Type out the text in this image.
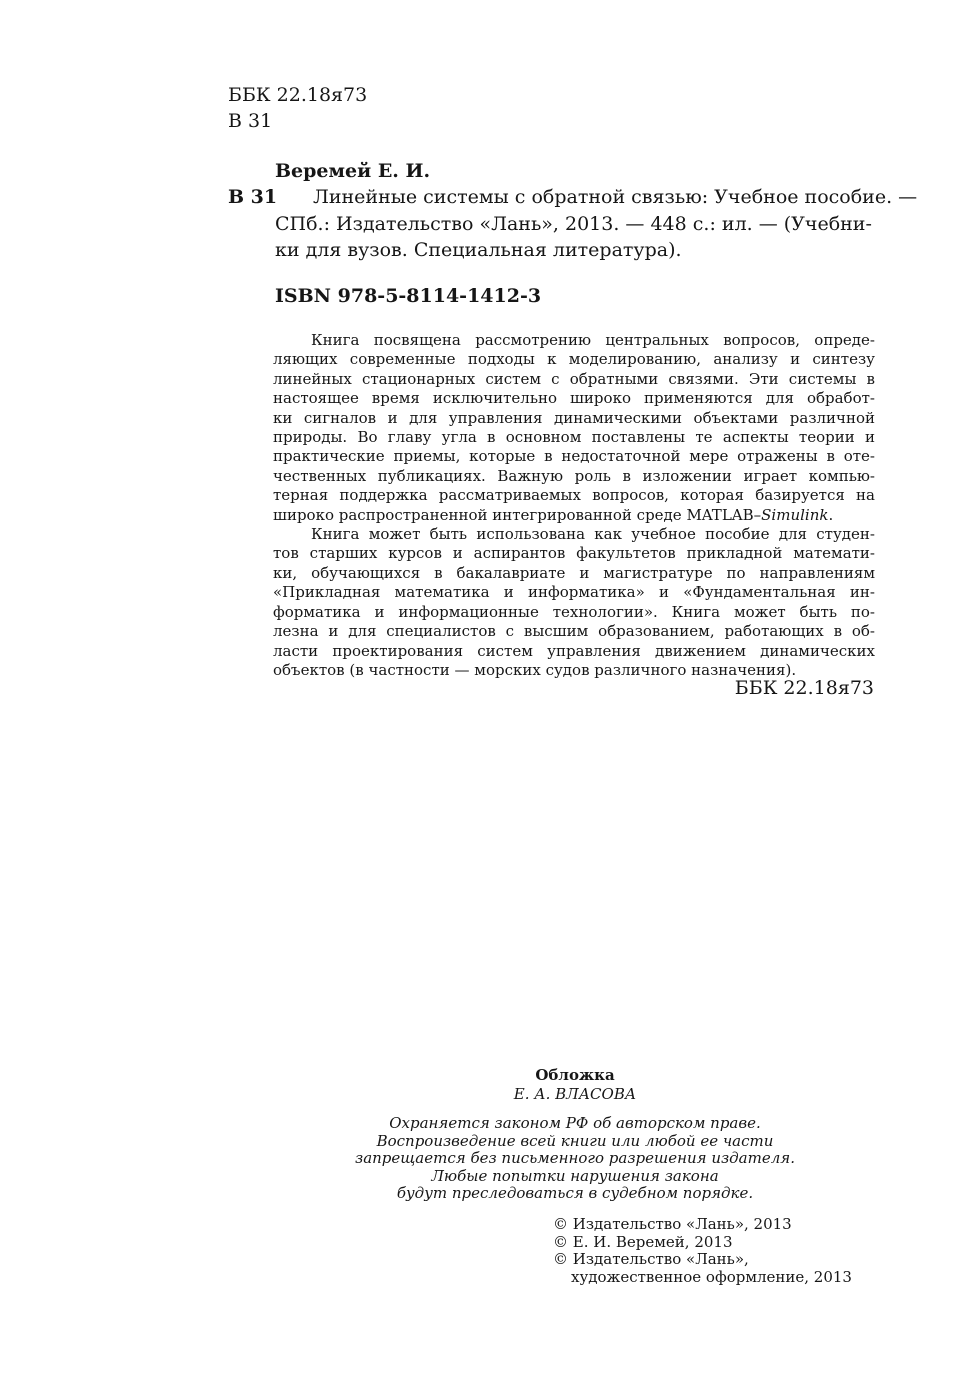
ББК 22.18я73
В 31
Веремей Е. И.
В 31	Линейные системы с обратной связью: Учебное пособие. —
СПб.: Издательство «Лань», 2013. — 448 с.: ил. — (Учебни-
ки для вузов. Специальная литература).
ISBN 978-5-8114-1412-3
Книга посвящена рассмотрению центральных вопросов, опреде-
ляющих современные подходы к моделированию, анализу и синтезу
линейных стационарных систем с обратными связями. Эти системы в
настоящее время исключительно широко применяются для обработ-
ки сигналов и для управления динамическими объектами различной
природы. Во главу угла в основном поставлены те аспекты теории и
практические приемы, которые в недостаточной мере отражены в оте-
чественных публикациях. Важную роль в изложении играет компью-
терная поддержка рассматриваемых вопросов, которая базируется на
широко распространенной интегрированной среде MATLAB–Simulink.
Книга может быть использована как учебное пособие для студен-
тов старших курсов и аспирантов факультетов прикладной математи-
ки, обучающихся в бакалавриате и магистратуре по направлениям
«Прикладная математика и информатика» и «Фундаментальная ин-
форматика и информационные технологии». Книга может быть по-
лезна и для специалистов с высшим образованием, работающих в об-
ласти проектирования систем управления движением динамических
объектов (в частности — морских судов различного назначения).
ББК 22.18я73
Обложка
Е. А. ВЛАСОВА
Охраняется законом РФ об авторском праве.
Воспроизведение всей книги или любой ее части
запрещается без письменного разрешения издателя.
Любые попытки нарушения закона
будут преследоваться в судебном порядке.
© Издательство «Лань», 2013
© Е. И. Веремей, 2013
© Издательство «Лань»,
художественное оформление, 2013
